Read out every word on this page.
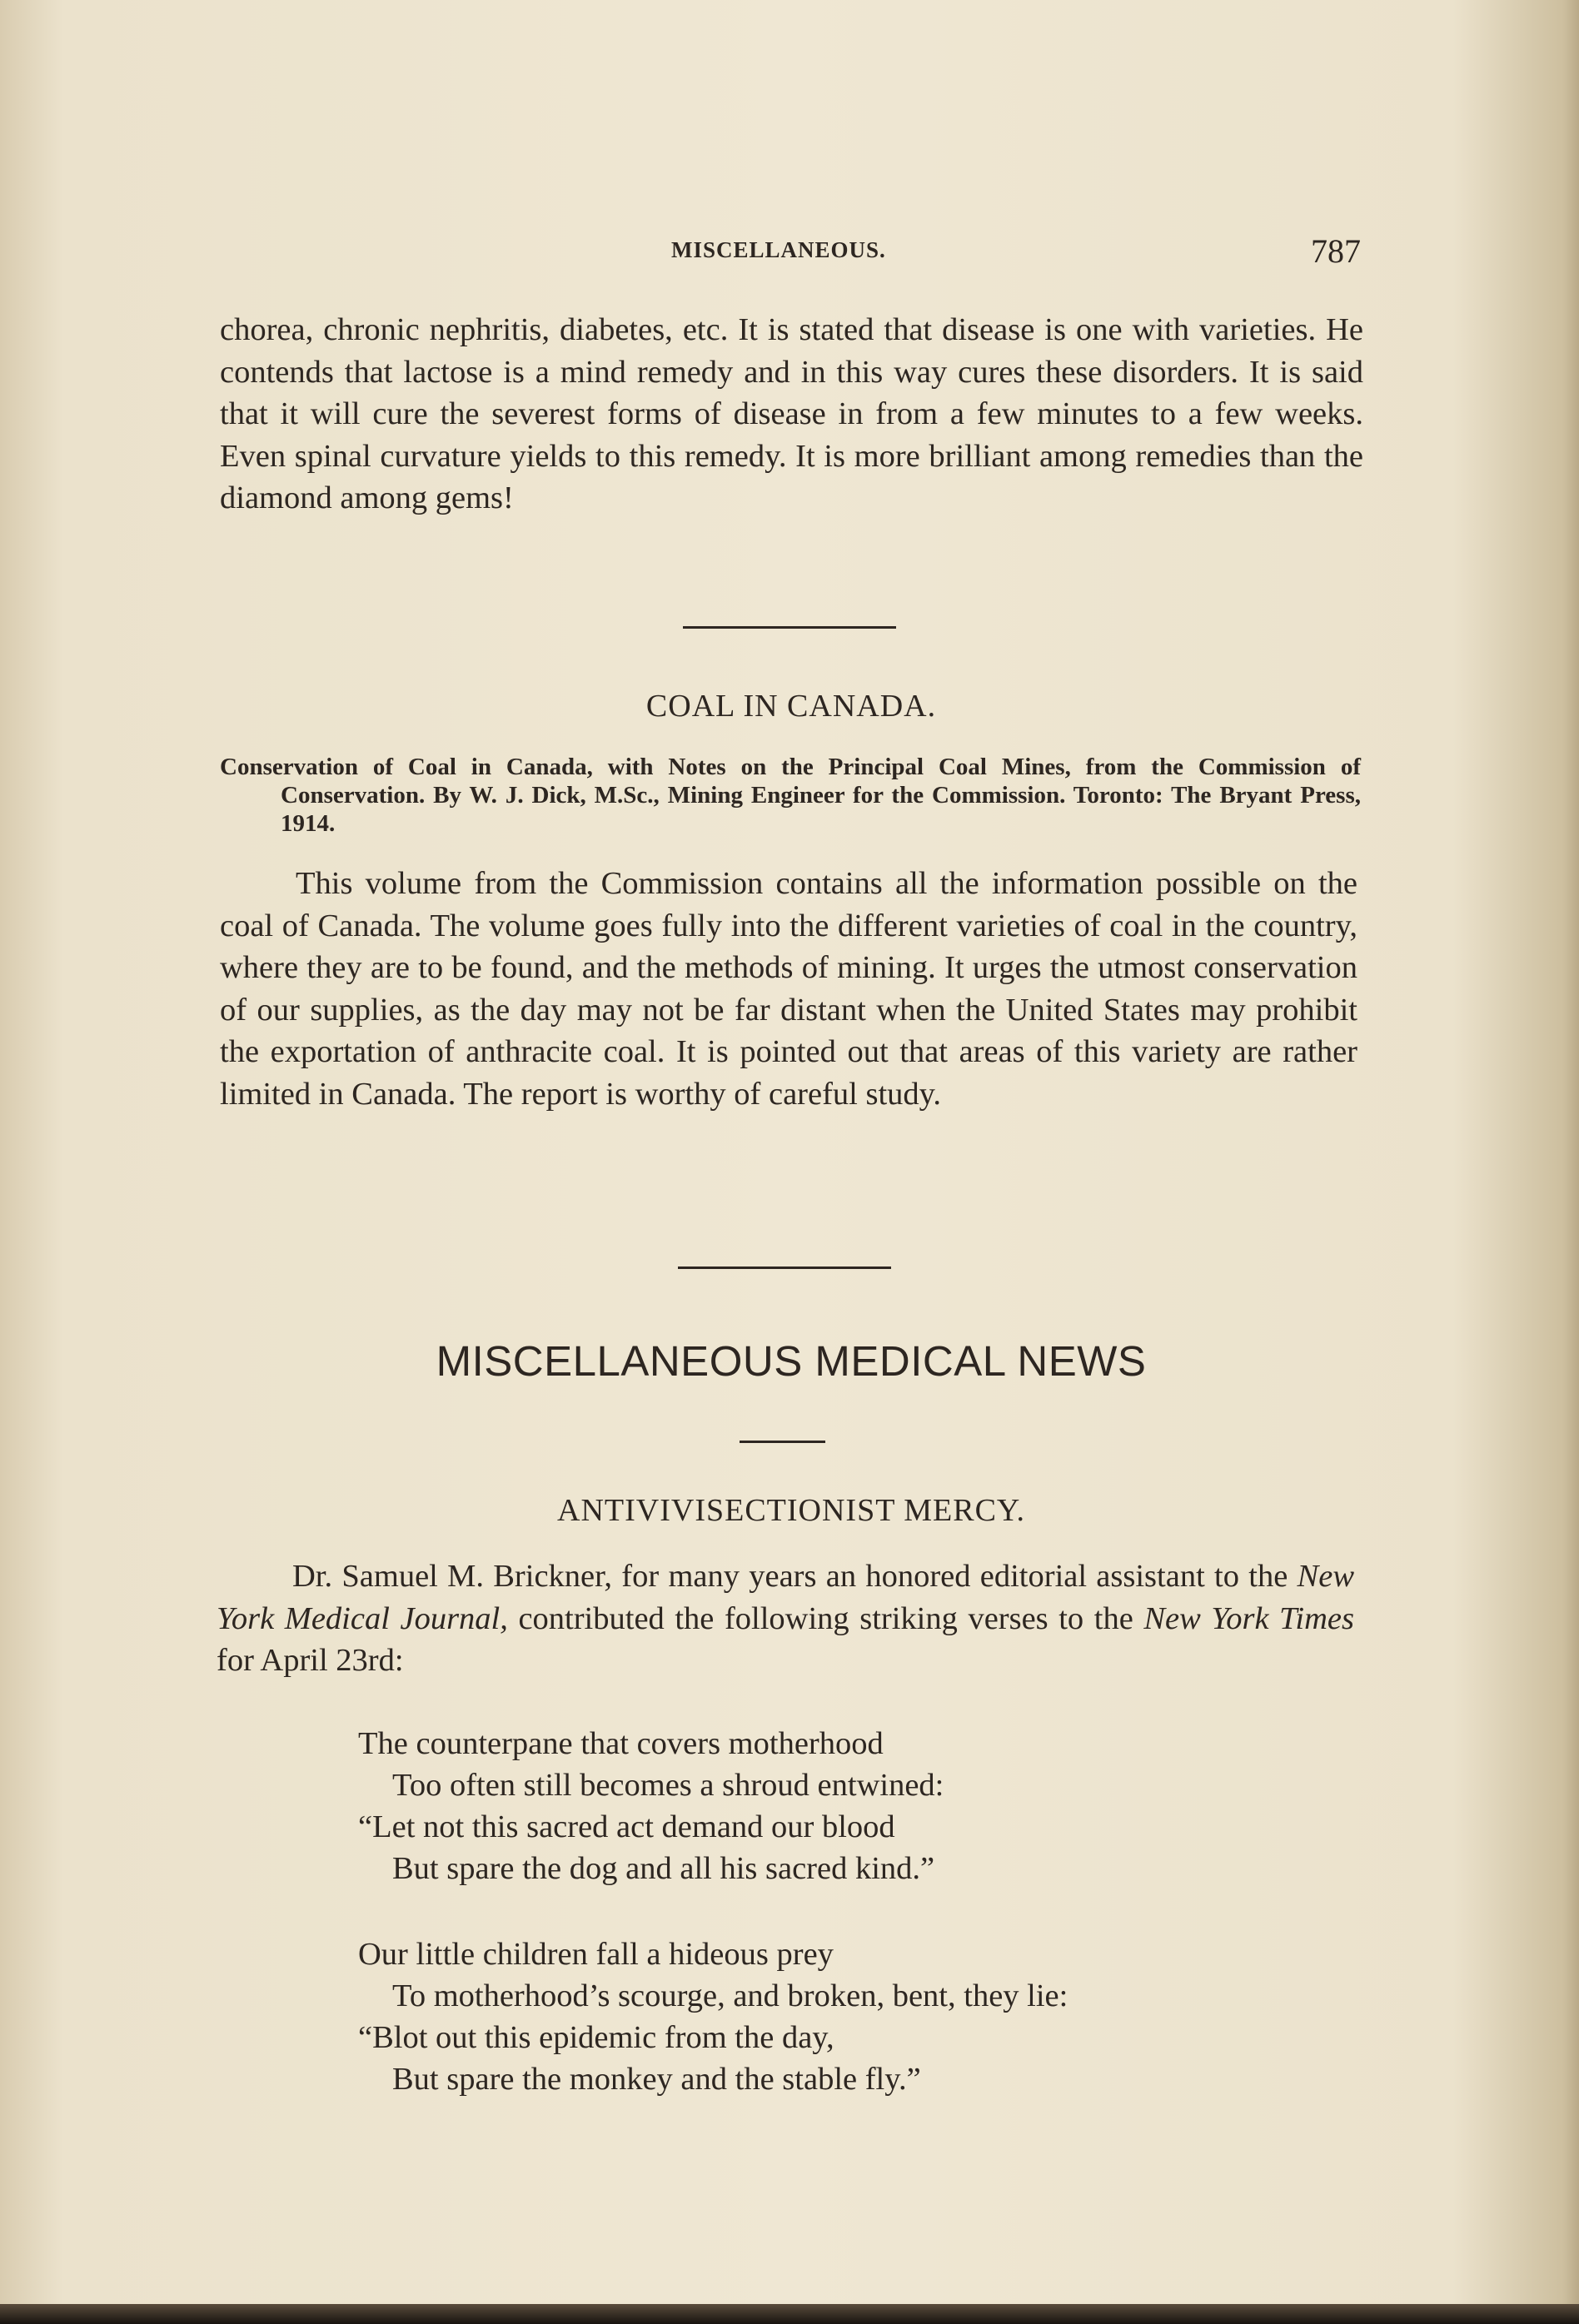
MISCELLANEOUS.	787

chorea, chronic nephritis, diabetes, etc. It is stated that disease is one with varieties. He contends that lactose is a mind remedy and in this way cures these disorders. It is said that it will cure the severest forms of disease in from a few minutes to a few weeks. Even spinal curvature yields to this remedy. It is more brilliant among remedies than the diamond among gems!

COAL IN CANADA.

Conservation of Coal in Canada, with Notes on the Principal Coal Mines, from the Commission of Conservation. By W. J. Dick, M.Sc., Mining Engineer for the Commission. Toronto: The Bryant Press, 1914.

This volume from the Commission contains all the information possible on the coal of Canada. The volume goes fully into the different varieties of coal in the country, where they are to be found, and the methods of mining. It urges the utmost conservation of our supplies, as the day may not be far distant when the United States may prohibit the exportation of anthracite coal. It is pointed out that areas of this variety are rather limited in Canada. The report is worthy of careful study.

MISCELLANEOUS MEDICAL NEWS
ANTIVIVISECTIONIST MERCY.

Dr. Samuel M. Brickner, for many years an honored editorial assistant to the New York Medical Journal, contributed the following striking verses to the New York Times for April 23rd:

The counterpane that covers motherhood
Too often still becomes a shroud entwined:
“Let not this sacred act demand our blood
But spare the dog and all his sacred kind.”
Our little children fall a hideous prey
To motherhood’s scourge, and broken, bent, they lie:
“Blot out this epidemic from the day,
But spare the monkey and the stable fly.”
